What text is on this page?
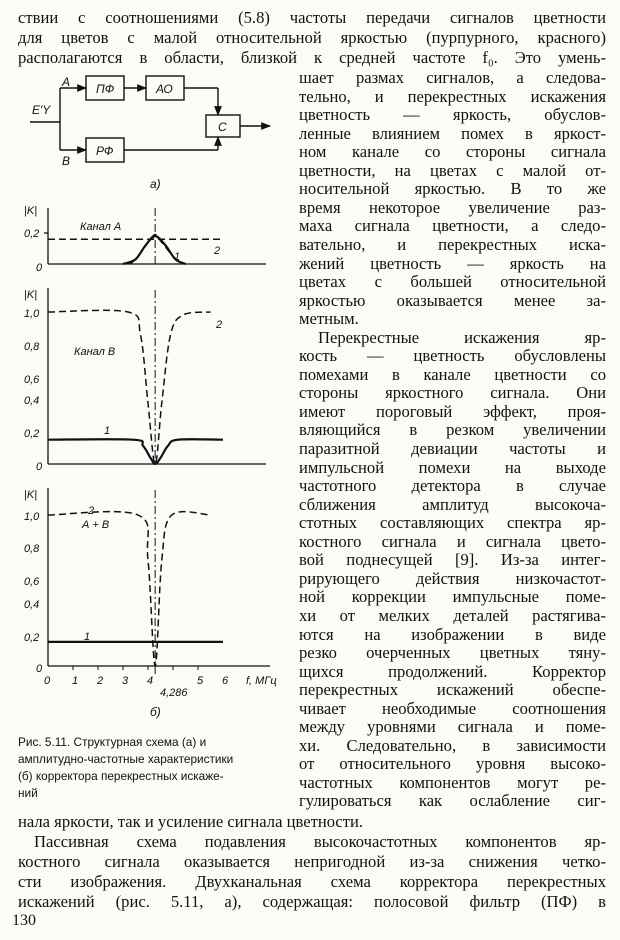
ствии с соотношениями (5.8) частоты передачи сигналов цветности
для цветов с малой относительной яркостью (пурпурного, красного)
располагаются в области, близкой к средней частоте f₀. Это умень-
шает размах сигналов, а следова-
тельно, и перекрестных искажения
цветность — яркость, обуслов-
ленные влиянием помех в яркост-
ном канале со стороны сигнала
цветности, на цветах с малой от-
носительной яркостью. В то же
время некоторое увеличение раз-
маха сигнала цветности, а следо-
вательно, и перекрестных иска-
жений цветность — яркость на
цветах с большей относительной
яркостью оказывается менее за-
метным.
Перекрестные искажения яр-
кость — цветность обусловлены
помехами в канале цветности со
стороны яркостного сигнала. Они
имеют пороговый эффект, проя-
вляющийся в резком увеличении
паразитной девиации частоты и
импульсной помехи на выходе
частотного детектора в случае
сближения амплитуд высокоча-
стотных составляющих спектра яр-
костного сигнала и сигнала цвето-
вой поднесущей [9]. Из-за интег-
рирующего действия низкочастот-
ной коррекции импульсные поме-
хи от мелких деталей растягива-
ются на изображении в виде
резко очерченных цветных тяну-
щихся продолжений. Корректор
перекрестных искажений обеспе-
чивает необходимые соотношения
между уровнями сигнала и поме-
хи. Следовательно, в зависимости
от относительного уровня высоко-
частотных компонентов могут ре-
гулироваться как ослабление сиг-
E′Y
A
B
ПФ	АО
РФ
С
а)
|K|
0,2
0
Канал А
1	2
|K|
1,0
0,8
0,6
0,4
0,2
0
Канал В
1
2
|K|
1,0
0,8
0,6
0,4
0,2
0
А + В
1
2
0 1 2 3 4	5 6 f, МГц
4,286
б)
Рис. 5.11. Структурная схема (а) и
амплитудно-частотные характеристики
(б) корректора перекрестных искаже-
ний
нала яркости, так и усиление сигнала цветности.
Пассивная схема подавления высокочастотных компонентов яр-
костного сигнала оказывается непригодной из-за снижения четко-
сти изображения. Двухканальная схема корректора перекрестных
искажений (рис. 5.11, а), содержащая: полосовой фильтр (ПФ) в
130
